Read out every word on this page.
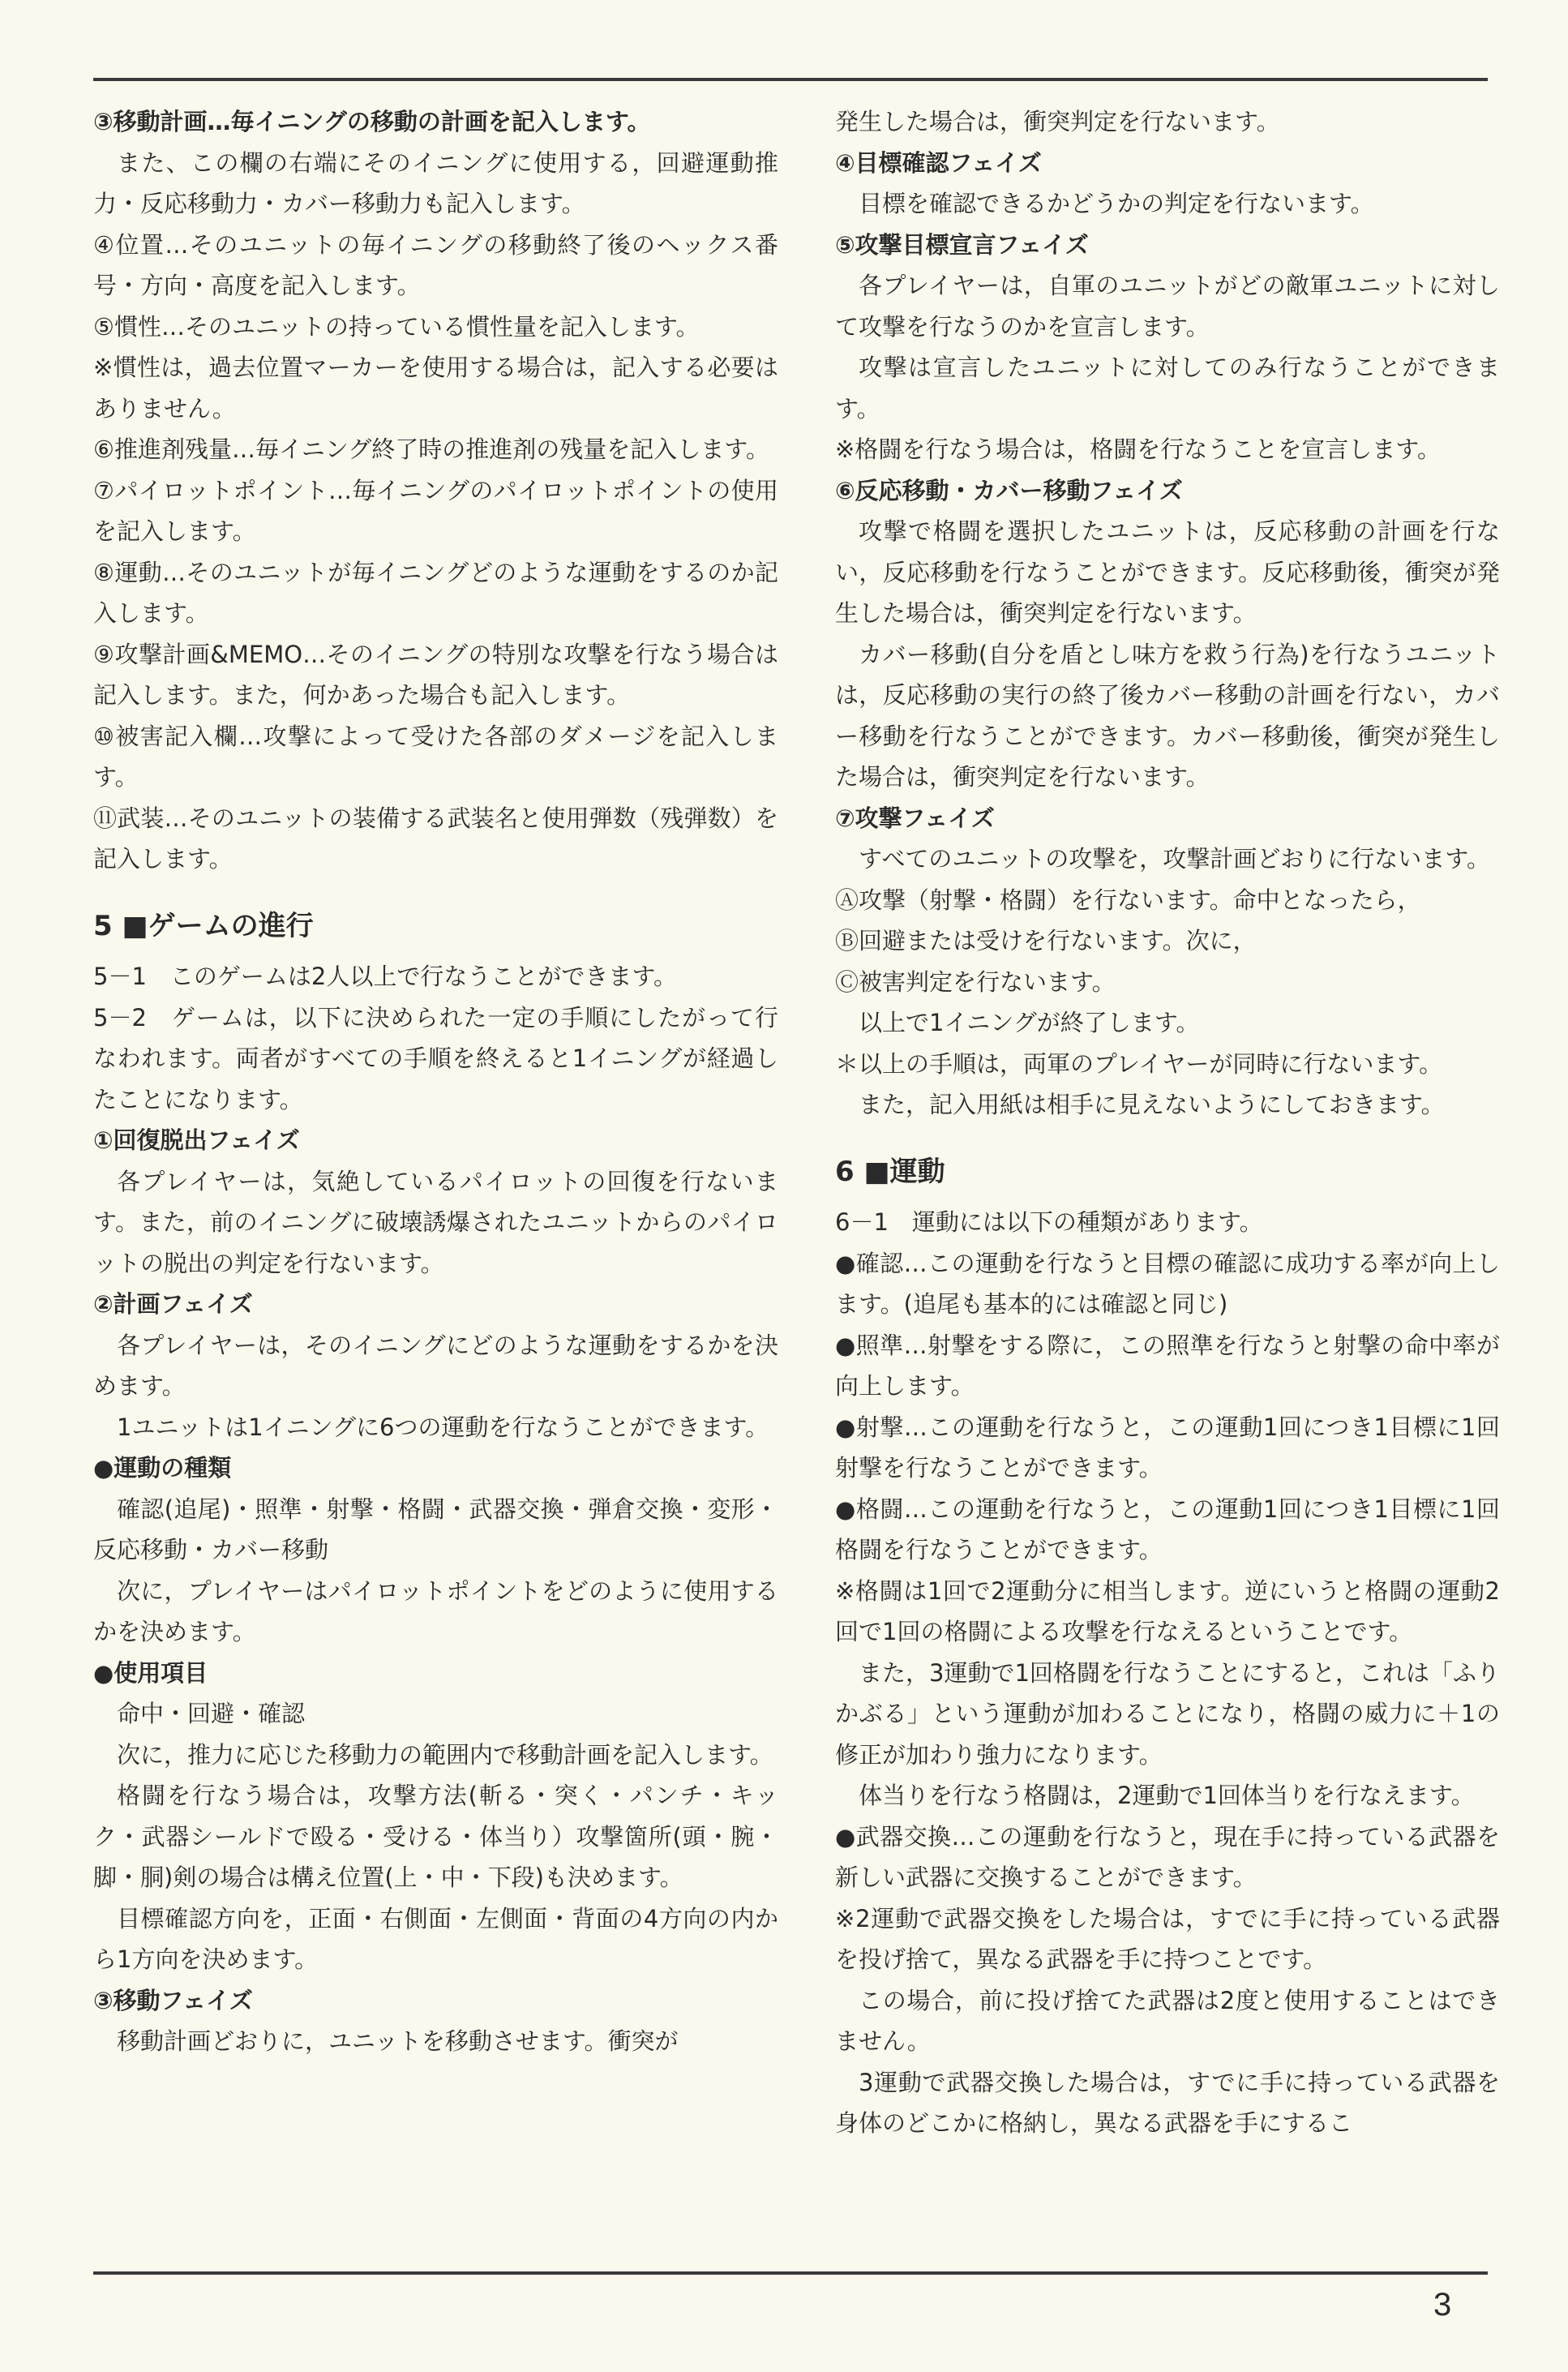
③移動計画…毎イニングの移動の計画を記入します。

また、この欄の右端にそのイニングに使用する，回避運動推力・反応移動力・カバー移動力も記入します。

④位置…そのユニットの毎イニングの移動終了後のヘックス番号・方向・高度を記入します。

⑤慣性…そのユニットの持っている慣性量を記入します。

※慣性は，過去位置マーカーを使用する場合は，記入する必要はありません。

⑥推進剤残量…毎イニング終了時の推進剤の残量を記入します。

⑦パイロットポイント…毎イニングのパイロットポイントの使用を記入します。

⑧運動…そのユニットが毎イニングどのような運動をするのか記入します。

⑨攻撃計画&MEMO…そのイニングの特別な攻撃を行なう場合は記入します。また，何かあった場合も記入します。

⑩被害記入欄…攻撃によって受けた各部のダメージを記入します。

⑪武装…そのユニットの装備する武装名と使用弾数（残弾数）を記入します。

5 ■ゲームの進行

5－1　このゲームは2人以上で行なうことができます。

5－2　ゲームは，以下に決められた一定の手順にしたがって行なわれます。両者がすべての手順を終えると1イニングが経過したことになります。

①回復脱出フェイズ

各プレイヤーは，気絶しているパイロットの回復を行ないます。また，前のイニングに破壊誘爆されたユニットからのパイロットの脱出の判定を行ないます。

②計画フェイズ

各プレイヤーは，そのイニングにどのような運動をするかを決めます。

1ユニットは1イニングに6つの運動を行なうことができます。

●運動の種類

確認(追尾)・照準・射撃・格闘・武器交換・弾倉交換・変形・反応移動・カバー移動

次に，プレイヤーはパイロットポイントをどのように使用するかを決めます。

●使用項目

命中・回避・確認

次に，推力に応じた移動力の範囲内で移動計画を記入します。

格闘を行なう場合は，攻撃方法(斬る・突く・パンチ・キック・武器シールドで殴る・受ける・体当り）攻撃箇所(頭・腕・脚・胴)剣の場合は構え位置(上・中・下段)も決めます。

目標確認方向を，正面・右側面・左側面・背面の4方向の内から1方向を決めます。

③移動フェイズ

移動計画どおりに，ユニットを移動させます。衝突が

発生した場合は，衝突判定を行ないます。

④目標確認フェイズ

目標を確認できるかどうかの判定を行ないます。

⑤攻撃目標宣言フェイズ

各プレイヤーは，自軍のユニットがどの敵軍ユニットに対して攻撃を行なうのかを宣言します。

攻撃は宣言したユニットに対してのみ行なうことができます。

※格闘を行なう場合は，格闘を行なうことを宣言します。

⑥反応移動・カバー移動フェイズ

攻撃で格闘を選択したユニットは，反応移動の計画を行ない，反応移動を行なうことができます。反応移動後，衝突が発生した場合は，衝突判定を行ないます。

カバー移動(自分を盾とし味方を救う行為)を行なうユニットは，反応移動の実行の終了後カバー移動の計画を行ない，カバー移動を行なうことができます。カバー移動後，衝突が発生した場合は，衝突判定を行ないます。

⑦攻撃フェイズ

すべてのユニットの攻撃を，攻撃計画どおりに行ないます。

Ⓐ攻撃（射撃・格闘）を行ないます。命中となったら，

Ⓑ回避または受けを行ないます。次に，

Ⓒ被害判定を行ないます。

以上で1イニングが終了します。

＊以上の手順は，両軍のプレイヤーが同時に行ないます。

また，記入用紙は相手に見えないようにしておきます。

6 ■運動

6－1　運動には以下の種類があります。

●確認…この運動を行なうと目標の確認に成功する率が向上します。(追尾も基本的には確認と同じ)

●照準…射撃をする際に，この照準を行なうと射撃の命中率が向上します。

●射撃…この運動を行なうと，この運動1回につき1目標に1回射撃を行なうことができます。

●格闘…この運動を行なうと，この運動1回につき1目標に1回格闘を行なうことができます。

※格闘は1回で2運動分に相当します。逆にいうと格闘の運動2回で1回の格闘による攻撃を行なえるということです。

また，3運動で1回格闘を行なうことにすると，これは「ふりかぶる」という運動が加わることになり，格闘の威力に＋1の修正が加わり強力になります。

体当りを行なう格闘は，2運動で1回体当りを行なえます。

●武器交換…この運動を行なうと，現在手に持っている武器を新しい武器に交換することができます。

※2運動で武器交換をした場合は，すでに手に持っている武器を投げ捨て，異なる武器を手に持つことです。

この場合，前に投げ捨てた武器は2度と使用することはできません。

3運動で武器交換した場合は，すでに手に持っている武器を身体のどこかに格納し，異なる武器を手にするこ

3
